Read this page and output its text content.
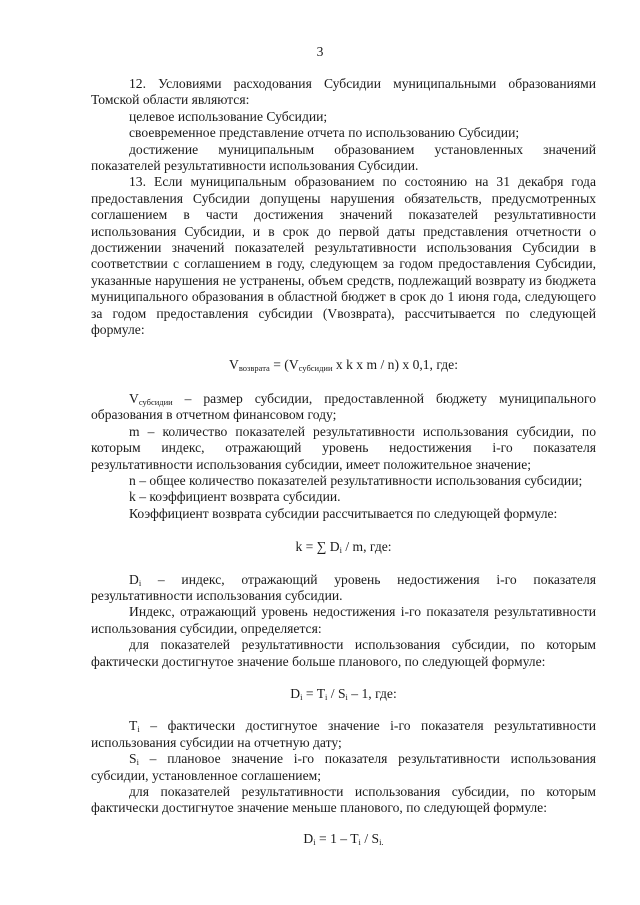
3

12. Условиями расходования Субсидии муниципальными образованиями Томской области являются:

целевое использование Субсидии;

своевременное представление отчета по использованию Субсидии;

достижение муниципальным образованием установленных значений показателей результативности использования Субсидии.

13. Если муниципальным образованием по состоянию на 31 декабря года предоставления Субсидии допущены нарушения обязательств, предусмотренных соглашением в части достижения значений показателей результативности использования Субсидии, и в срок до первой даты представления отчетности о достижении значений показателей результативности использования Субсидии в соответствии с соглашением в году, следующем за годом предоставления Субсидии, указанные нарушения не устранены, объем средств, подлежащий возврату из бюджета муниципального образования в областной бюджет в срок до 1 июня года, следующего за годом предоставления субсидии (Vвозврата), рассчитывается по следующей формуле:

$V_{возврата} = (V_{субсидии}$ x k x m / n) x 0,1, где:

$V_{субсидии}$ – размер субсидии, предоставленной бюджету муниципального образования в отчетном финансовом году;

m – количество показателей результативности использования субсидии, по которым индекс, отражающий уровень недостижения i-го показателя результативности использования субсидии, имеет положительное значение;

n – общее количество показателей результативности использования субсидии;

k – коэффициент возврата субсидии.

Коэффициент возврата субсидии рассчитывается по следующей формуле:

k = ∑ $D_i$ / m, где:

$D_i$ – индекс, отражающий уровень недостижения i-го показателя результативности использования субсидии.

Индекс, отражающий уровень недостижения i-го показателя результативности использования субсидии, определяется:

для показателей результативности использования субсидии, по которым фактически достигнутое значение больше планового, по следующей формуле:

$D_i = T_i / S_i - 1$, где:

$T_i$ – фактически достигнутое значение i-го показателя результативности использования субсидии на отчетную дату;

$S_i$ – плановое значение i-го показателя результативности использования субсидии, установленное соглашением;

для показателей результативности использования субсидии, по которым фактически достигнутое значение меньше планового, по следующей формуле:

$D_i = 1 - T_i / S_{i.}$
